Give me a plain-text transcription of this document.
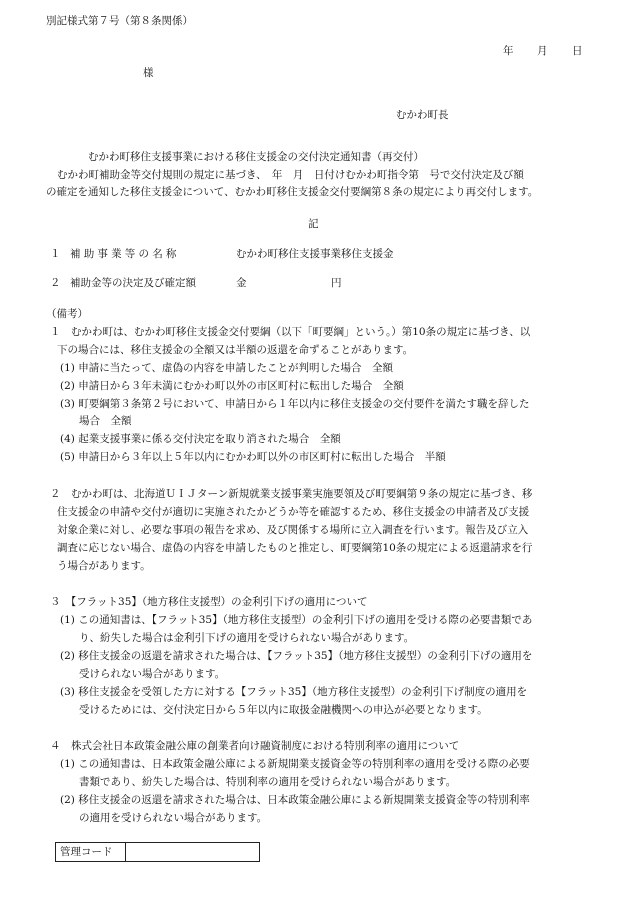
別記様式第７号（第８条関係）
年 月 日
様
むかわ町長
むかわ町移住支援事業における移住支援金の交付決定通知書（再交付）
むかわ町補助金等交付規則の規定に基づき、　年　月　日付けむかわ町指令第　号で交付決定及び額
の確定を通知した移住支援金について、むかわ町移住支援金交付要綱第８条の規定により再交付します。
記
１ 補助事業等の名称	むかわ町移住支援事業移住支援金
２ 補助金等の決定及び確定額	金	円
（備考）
１　むかわ町は、むかわ町移住支援金交付要綱（以下「町要綱」という。）第10条の規定に基づき、以
下の場合には、移住支援金の全額又は半額の返還を命ずることがあります。
(1) 申請に当たって、虚偽の内容を申請したことが判明した場合　全額
(2) 申請日から３年未満にむかわ町以外の市区町村に転出した場合　全額
(3) 町要綱第３条第２号において、申請日から１年以内に移住支援金の交付要件を満たす職を辞した
場合　全額
(4) 起業支援事業に係る交付決定を取り消された場合　全額
(5) 申請日から３年以上５年以内にむかわ町以外の市区町村に転出した場合　半額
２　むかわ町は、北海道ＵＩＪターン新規就業支援事業実施要領及び町要綱第９条の規定に基づき、移
住支援金の申請や交付が適切に実施されたかどうか等を確認するため、移住支援金の申請者及び支援
対象企業に対し、必要な事項の報告を求め、及び関係する場所に立入調査を行います。報告及び立入
調査に応じない場合、虚偽の内容を申請したものと推定し、町要綱第10条の規定による返還請求を行
う場合があります。
３　【フラット35】（地方移住支援型）の金利引下げの適用について
(1) この通知書は、【フラット35】（地方移住支援型）の金利引下げの適用を受ける際の必要書類であ
り、紛失した場合は金利引下げの適用を受けられない場合があります。
(2) 移住支援金の返還を請求された場合は、【フラット35】（地方移住支援型）の金利引下げの適用を
受けられない場合があります。
(3) 移住支援金を受領した方に対する【フラット35】（地方移住支援型）の金利引下げ制度の適用を
受けるためには、交付決定日から５年以内に取扱金融機関への申込が必要となります。
４　株式会社日本政策金融公庫の創業者向け融資制度における特別利率の適用について
(1) この通知書は、日本政策金融公庫による新規開業支援資金等の特別利率の適用を受ける際の必要
書類であり、紛失した場合は、特別利率の適用を受けられない場合があります。
(2) 移住支援金の返還を請求された場合は、日本政策金融公庫による新規開業支援資金等の特別利率
の適用を受けられない場合があります。
管理コード
